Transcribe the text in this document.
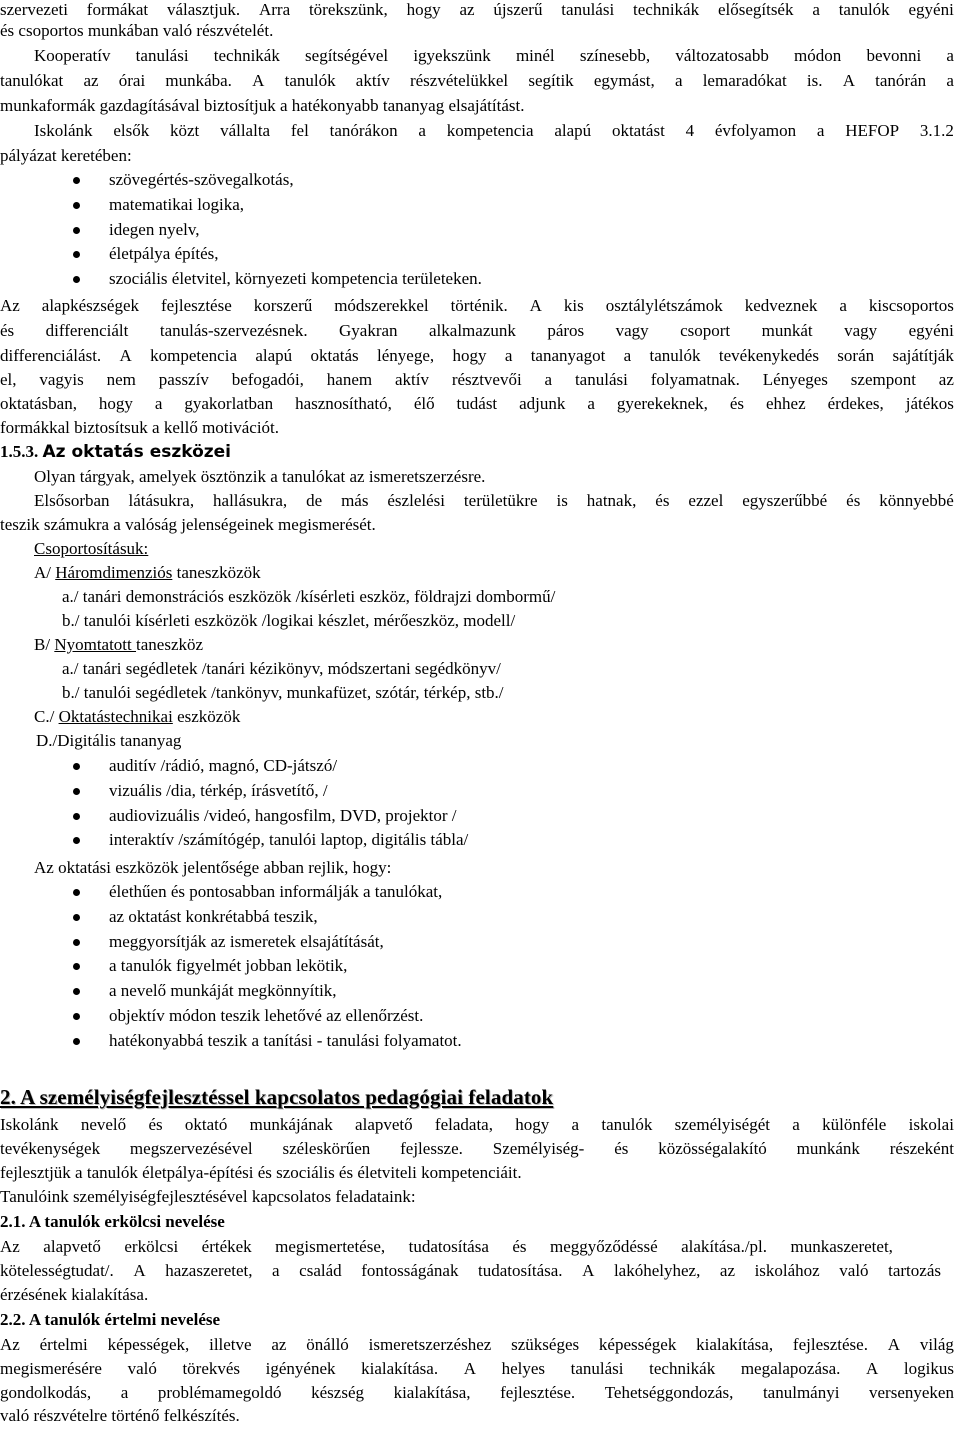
szervezeti formákat választjuk. Arra törekszünk, hogy az újszerű tanulási technikák elősegítsék a tanulók egyéni
és csoportos munkában való részvételét.
Kooperatív tanulási technikák segítségével igyekszünk minél színesebb, változatosabb módon bevonni a
tanulókat az órai munkába. A tanulók aktív részvételükkel segítik egymást, a lemaradókat is. A tanórán a
munkaformák gazdagításával biztosítjuk a hatékonyabb tananyag elsajátítást.
Iskolánk elsők közt vállalta fel tanórákon a kompetencia alapú oktatást 4 évfolyamon a HEFOP 3.1.2
pályázat keretében:
szövegértés-szövegalkotás,
matematikai logika,
idegen nyelv,
életpálya építés,
szociális életvitel, környezeti kompetencia területeken.
Az alapkészségek fejlesztése korszerű módszerekkel történik. A kis osztálylétszámok kedveznek a kiscsoportos
és differenciált tanulás-szervezésnek. Gyakran alkalmazunk páros vagy csoport munkát vagy egyéni
differenciálást. A kompetencia alapú oktatás lényege, hogy a tananyagot a tanulók tevékenykedés során sajátítják
el, vagyis nem passzív befogadói, hanem aktív résztvevői a tanulási folyamatnak. Lényeges szempont az
oktatásban, hogy a gyakorlatban hasznosítható, élő tudást adjunk a gyerekeknek, és ehhez érdekes, játékos
formákkal biztosítsuk a kellő motivációt.
1.5.3. Az oktatás eszközei
Olyan tárgyak, amelyek ösztönzik a tanulókat az ismeretszerzésre.
Elsősorban látásukra, hallásukra, de más észlelési területükre is hatnak, és ezzel egyszerűbbé és könnyebbé
teszik számukra a valóság jelenségeinek megismerését.
Csoportosításuk:
A/ Háromdimenziós taneszközök
a./ tanári demonstrációs eszközök /kísérleti eszköz, földrajzi dombormű/
b./ tanulói kísérleti eszközök /logikai készlet, mérőeszköz, modell/
B/ Nyomtatott taneszköz
a./ tanári segédletek /tanári kézikönyv, módszertani segédkönyv/
b./ tanulói segédletek /tankönyv, munkafüzet, szótár, térkép, stb./
C./ Oktatástechnikai eszközök
D./Digitális tananyag
auditív /rádió, magnó, CD-játszó/
vizuális /dia, térkép, írásvetítő, /
audiovizuális /videó, hangosfilm, DVD, projektor /
interaktív /számítógép, tanulói laptop, digitális tábla/
Az oktatási eszközök jelentősége abban rejlik, hogy:
élethűen és pontosabban informálják a tanulókat,
az oktatást konkrétabbá teszik,
meggyorsítják az ismeretek elsajátítását,
a tanulók figyelmét jobban lekötik,
a nevelő munkáját megkönnyítik,
objektív módon teszik lehetővé az ellenőrzést.
hatékonyabbá teszik a tanítási - tanulási folyamatot.
2. A személyiségfejlesztéssel kapcsolatos pedagógiai feladatok
Iskolánk nevelő és oktató munkájának alapvető feladata, hogy a tanulók személyiségét a különféle iskolai
tevékenységek megszervezésével széleskörűen fejlessze. Személyiség- és közösségalakító munkánk részeként
fejlesztjük a tanulók életpálya-építési és szociális és életviteli kompetenciáit.
Tanulóink személyiségfejlesztésével kapcsolatos feladataink:
2.1. A tanulók erkölcsi nevelése
Az alapvető erkölcsi értékek megismertetése, tudatosítása és meggyőződéssé alakítása./pl. munkaszeretet,
kötelességtudat/. A hazaszeretet, a család fontosságának tudatosítása. A lakóhelyhez, az iskolához való tartozás
érzésének kialakítása.
2.2. A tanulók értelmi nevelése
Az értelmi képességek, illetve az önálló ismeretszerzéshez szükséges képességek kialakítása, fejlesztése. A világ
megismerésére való törekvés igényének kialakítása. A helyes tanulási technikák megalapozása. A logikus
gondolkodás, a problémamegoldó készség kialakítása, fejlesztése. Tehetséggondozás, tanulmányi versenyeken
való részvételre történő felkészítés.
